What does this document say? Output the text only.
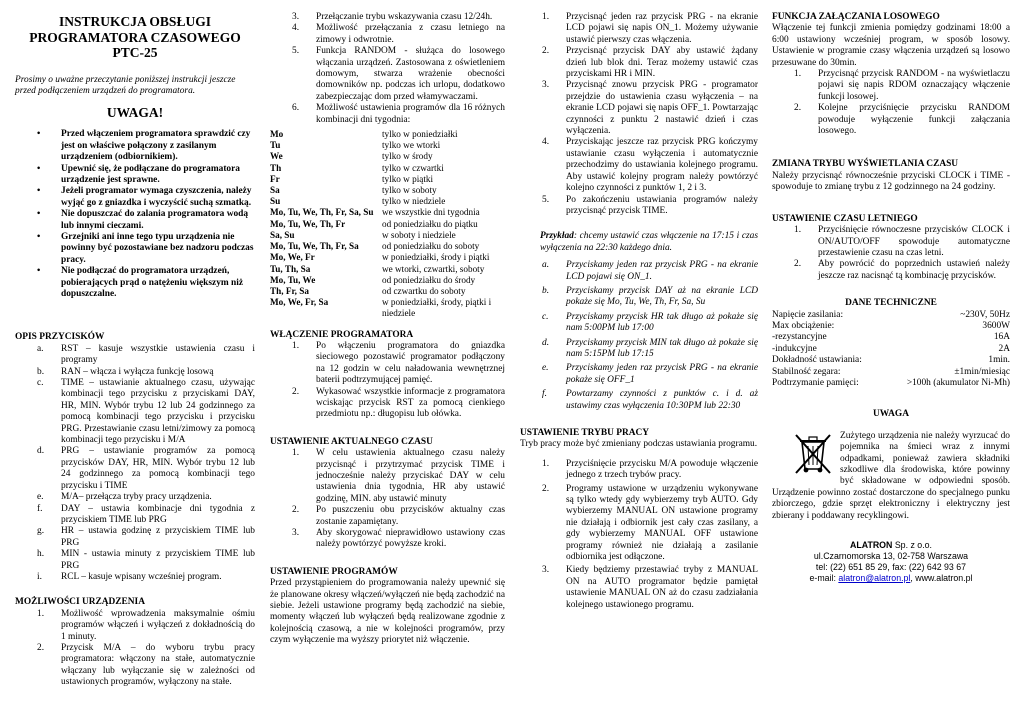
INSTRUKCJA OBSŁUGI
PROGRAMATORA CZASOWEGO
PTC-25
Prosimy o uważne przeczytanie poniższej instrukcji jeszcze przed podłączeniem urządzeń do programatora.
UWAGA!
• Przed włączeniem programatora sprawdzić czy jest on właściwe połączony z zasilanym urządzeniem (odbiornikiem).
• Upewnić się, że podłączane do programatora urządzenie jest sprawne.
• Jeżeli programator wymaga czyszczenia, należy wyjąć go z gniazdka i wyczyścić suchą szmatką.
• Nie dopuszczać do zalania programatora wodą lub innymi cieczami.
• Grzejniki ani inne tego typu urządzenia nie powinny być pozostawiane bez nadzoru podczas pracy.
• Nie podłączać do programatora urządzeń, pobierających prąd o natężeniu większym niż dopuszczalne.
OPIS PRZYCISKÓW
a.	RST – kasuje wszystkie ustawienia czasu i programy
b.	RAN – włącza i wyłącza funkcję losową
c.	TIME – ustawianie aktualnego czasu, używając kombinacji tego przycisku z przyciskami DAY, HR, MIN. Wybór trybu 12 lub 24 godzinnego za pomocą kombinacji tego przycisku i przycisku PRG. Przestawianie czasu letni/zimowy za pomocą kombinacji tego przycisku i M/A
d.	PRG – ustawianie programów za pomocą przycisków DAY, HR, MIN. Wybór trybu 12 lub 24 godzinnego za pomocą kombinacji tego przycisku i TIME
e.	M/A– przełącza tryby pracy urządzenia.
f.	DAY – ustawia kombinacje dni tygodnia z przyciskiem TIME lub PRG
g.	HR – ustawia godzinę z przyciskiem TIME lub PRG
h.	MIN - ustawia minuty z przyciskiem TIME lub PRG
i.	RCL – kasuje wpisany wcześniej program.
MOŻLIWOŚCI URZĄDZENIA
1.	Możliwość wprowadzenia maksymalnie ośmiu programów włączeń i wyłączeń z dokładnością do 1 minuty.
2.	Przycisk M/A – do wyboru trybu pracy programatora: włączony na stałe, automatycznie włączany lub wyłączanie się w zależności od ustawionych programów, wyłączony na stałe.
3.	Przełączanie trybu wskazywania czasu 12/24h.
4.	Możliwość przełączania z czasu letniego na zimowy i odwrotnie.
5.	Funkcja RANDOM - służąca do losowego włączania urządzeń. Zastosowana z oświetleniem domowym, stwarza wrażenie obecności domowników np. podczas ich urlopu, dodatkowo zabezpieczając dom przed włamywaczami.
6.	Możliwość ustawienia programów dla 16 różnych kombinacji dni tygodnia:
Mo	tylko w poniedziałki
Tu	tylko we wtorki
We	tylko w środy
Th	tylko w czwartki
Fr	tylko w piątki
Sa	tylko w soboty
Su	tylko w niedziele
Mo, Tu, We, Th, Fr, Sa, Su	we wszystkie dni tygodnia
Mo, Tu, We, Th, Fr	od poniedziałku do piątku
Sa, Su	w soboty i niedziele
Mo, Tu, We, Th, Fr, Sa	od poniedziałku do soboty
Mo, We, Fr	w poniedziałki, środy i piątki
Tu, Th, Sa	we wtorki, czwartki, soboty
Mo, Tu, We	od poniedziałku do środy
Th, Fr, Sa	od czwartku do soboty
Mo, We, Fr, Sa	w poniedziałki, środy, piątki i niedziele
WŁĄCZENIE PROGRAMATORA
1.	Po włączeniu programatora do gniazdka sieciowego pozostawić programator podłączony na 12 godzin w celu naładowania wewnętrznej baterii podtrzymującej pamięć.
2.	Wykasować wszystkie informacje z programatora wciskając przycisk RST za pomocą cienkiego przedmiotu np.: długopisu lub ołówka.
USTAWIENIE AKTUALNEGO CZASU
1.	W celu ustawienia aktualnego czasu należy przycisnąć i przytrzymać przycisk TIME i jednocześnie należy przyciskać DAY w celu ustawienia dnia tygodnia, HR aby ustawić godzinę, MIN. aby ustawić minuty
2.	Po puszczeniu obu przycisków aktualny czas zostanie zapamiętany.
3.	Aby skorygować nieprawidłowo ustawiony czas należy powtórzyć powyższe kroki.
USTAWIENIE PROGRAMÓW
Przed przystąpieniem do programowania należy upewnić się że planowane okresy włączeń/wyłączeń nie będą zachodzić na siebie. Jeżeli ustawione programy będą zachodzić na siebie, momenty włączeń lub wyłączeń będą realizowane zgodnie z kolejnością czasową, a nie w kolejności programów, przy czym wyłączenie ma wyższy priorytet niż włączenie.
1.	Przycisnąć jeden raz przycisk PRG - na ekranie LCD pojawi się napis ON_1. Możemy używanie ustawić pierwszy czas włączenia.
2.	Przycisnąć przycisk DAY aby ustawić żądany dzień lub blok dni. Teraz możemy ustawić czas przyciskami HR i MIN.
3.	Przycisnąć znowu przycisk PRG - programator przejdzie do ustawienia czasu wyłączenia – na ekranie LCD pojawi się napis OFF_1. Powtarzając czynności z punktu 2 nastawić dzień i czas wyłączenia.
4.	Przyciskając jeszcze raz przycisk PRG kończymy ustawianie czasu wyłączenia i automatycznie przechodzimy do ustawiania kolejnego programu. Aby ustawić kolejny program należy powtórzyć kolejno czynności z punktów 1, 2 i 3.
5.	Po zakończeniu ustawiania programów należy przycisnąć przycisk TIME.
Przykład: chcemy ustawić czas włączenie na 17:15 i czas wyłączenia na 22:30 każdego dnia.
a.	Przyciskamy jeden raz przycisk PRG - na ekranie LCD pojawi się ON_1.
b.	Przyciskamy przycisk DAY aż na ekranie LCD pokaże się Mo, Tu, We, Th, Fr, Sa, Su
c.	Przyciskamy przycisk HR tak długo aż pokaże się nam 5:00PM lub 17:00
d.	Przyciskamy przycisk MIN tak długo aż pokaże się nam 5:15PM lub 17:15
e.	Przyciskamy jeden raz przycisk PRG - na ekranie pokaże się OFF_1
f.	Powtarzamy czynności z punktów c. i d. aż ustawimy czas wyłączenia 10:30PM lub 22:30
USTAWIENIE TRYBU PRACY
Tryb pracy może być zmieniany podczas ustawiania programu.
1.	Przyciśnięcie przycisku M/A powoduje włączenie jednego z trzech trybów pracy.
2.	Programy ustawione w urządzeniu wykonywane są tylko wtedy gdy wybierzemy tryb AUTO. Gdy wybierzemy MANUAL ON ustawione programy nie działają i odbiornik jest cały czas zasilany, a gdy wybierzemy MANUAL OFF ustawione programy również nie działają a zasilanie odbiornika jest odłączone.
3.	Kiedy będziemy przestawiać tryby z MANUAL ON na AUTO programator będzie pamiętał ustawienie MANUAL ON aż do czasu zadziałania kolejnego ustawionego programu.
FUNKCJA ZAŁĄCZANIA LOSOWEGO
Włączenie tej funkcji zmienia pomiędzy godzinami 18:00 a 6:00 ustawiony wcześniej program, w sposób losowy. Ustawienie w programie czasy włączenia urządzeń są losowo przesuwane do 30min.
1.	Przycisnąć przycisk RANDOM - na wyświetlaczu pojawi się napis RDOM oznaczający włączenie funkcji losowej.
2.	Kolejne przyciśnięcie przycisku RANDOM powoduje wyłączenie funkcji załączania losowego.
ZMIANA TRYBU WYŚWIETLANIA CZASU
Należy przycisnąć równocześnie przyciski CLOCK i TIME - spowoduje to zmianę trybu z 12 godzinnego na 24 godziny.
USTAWIENIE CZASU LETNIEGO
1.	Przyciśnięcie równoczesne przycisków CLOCK i ON/AUTO/OFF spowoduje automatyczne przestawienie czasu na czas letni.
2.	Aby powrócić do poprzednich ustawień należy jeszcze raz nacisnąć tą kombinację przycisków.
DANE TECHNICZNE
Napięcie zasilania:	~230V, 50Hz
Max obciążenie:	3600W
-rezystancyjne	16A
-indukcyjne	2A
Dokładność ustawiania:	1min.
Stabilność zegara:	±1min/miesiąc
Podtrzymanie pamięci:	>100h (akumulator Ni-Mh)
UWAGA
Zużytego urządzenia nie należy wyrzucać do pojemnika na śmieci wraz z innymi odpadkami, ponieważ zawiera składniki szkodliwe dla środowiska, które powinny być składowane w odpowiedni sposób. Urządzenie powinno zostać dostarczone do specjalnego punku zbiorczego, gdzie sprzęt elektroniczny i elektryczny jest zbierany i poddawany recyklingowi.
ALATRON Sp. z o.o.
ul.Czarnomorska 13, 02-758 Warszawa
tel: (22) 651 85 29, fax: (22) 642 93 67
e-mail: alatron@alatron.pl, www.alatron.pl
